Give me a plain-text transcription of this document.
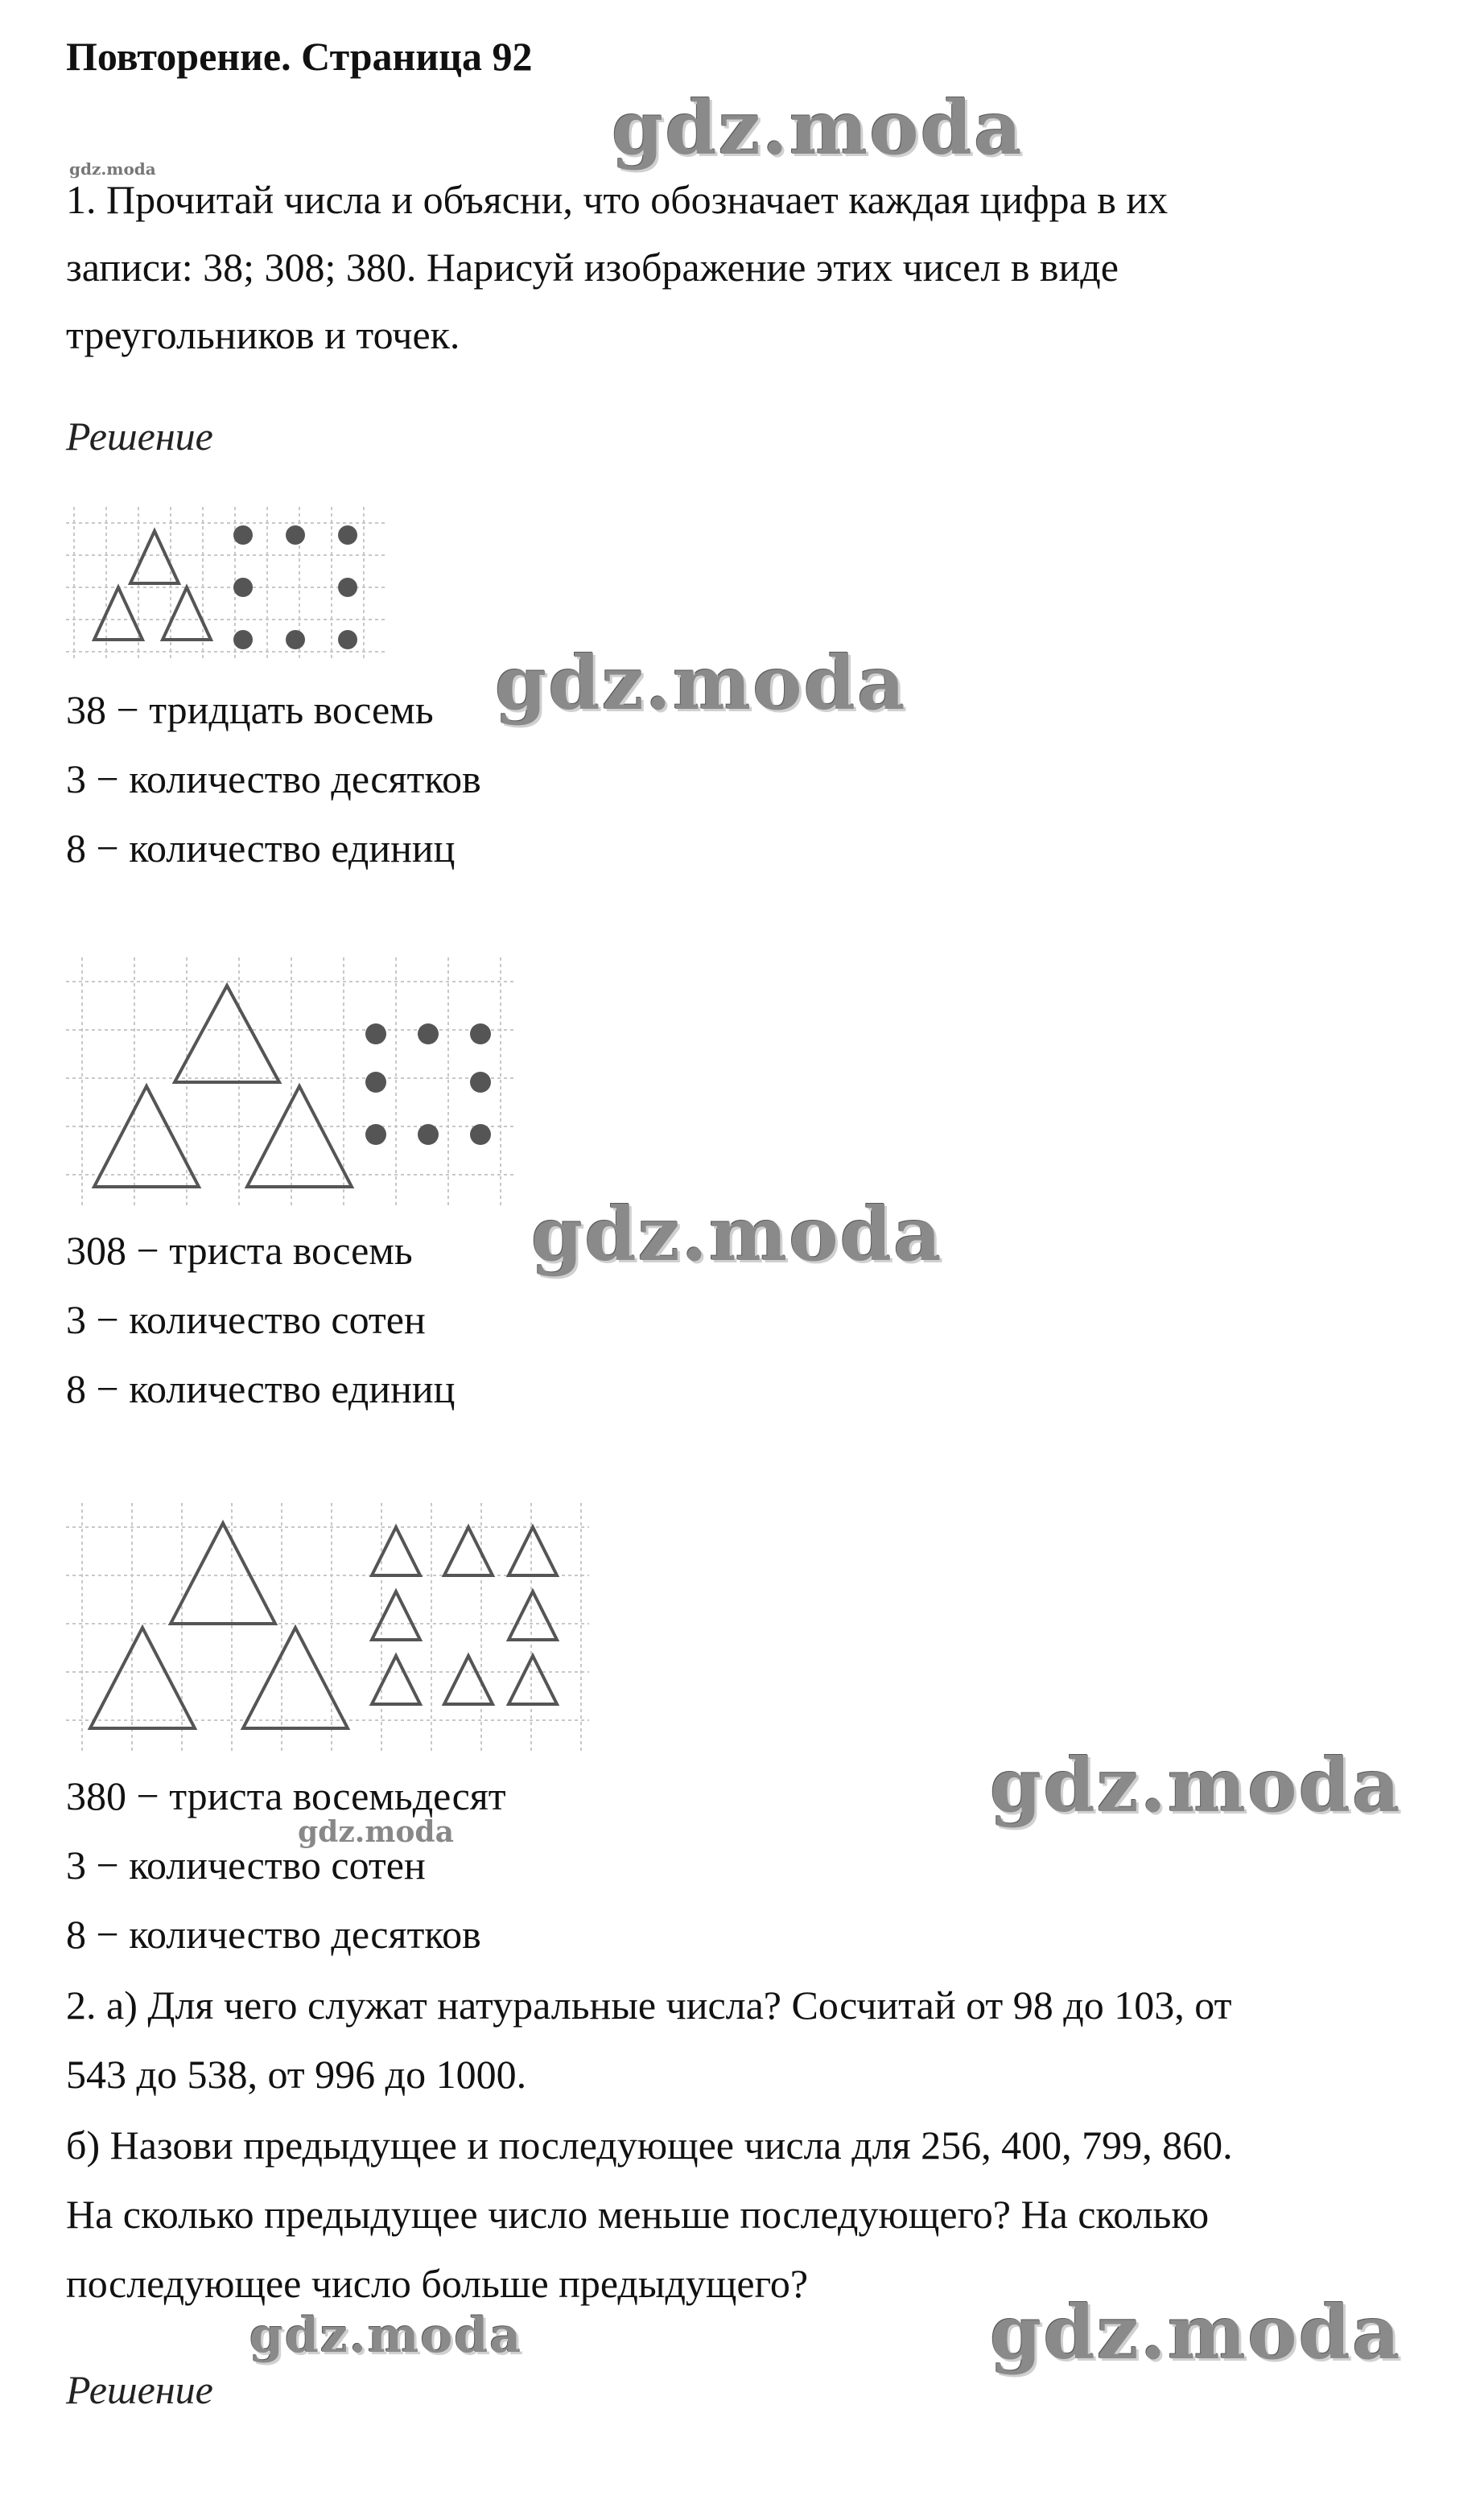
Повторение. Страница 92
1. Прочитай числа и объясни, что обозначает каждая цифра в их
записи: 38; 308; 380. Нарисуй изображение этих чисел в виде
треугольников и точек.
Решение
38 − тридцать восемь
3 − количество десятков
8 − количество единиц
308 − триста восемь
3 − количество сотен
8 − количество единиц
380 − триста восемьдесят
3 − количество сотен
8 − количество десятков
2. а) Для чего служат натуральные числа? Сосчитай от 98 до 103, от
543 до 538, от 996 до 1000.
б) Назови предыдущее и последующее числа для 256, 400, 799, 860.
На сколько предыдущее число меньше последующего? На сколько
последующее число больше предыдущего?
Решение
gdz.moda
gdz.moda
gdz.moda
gdz.moda
gdz.moda
gdz.moda
gdz.moda
gdz.moda
